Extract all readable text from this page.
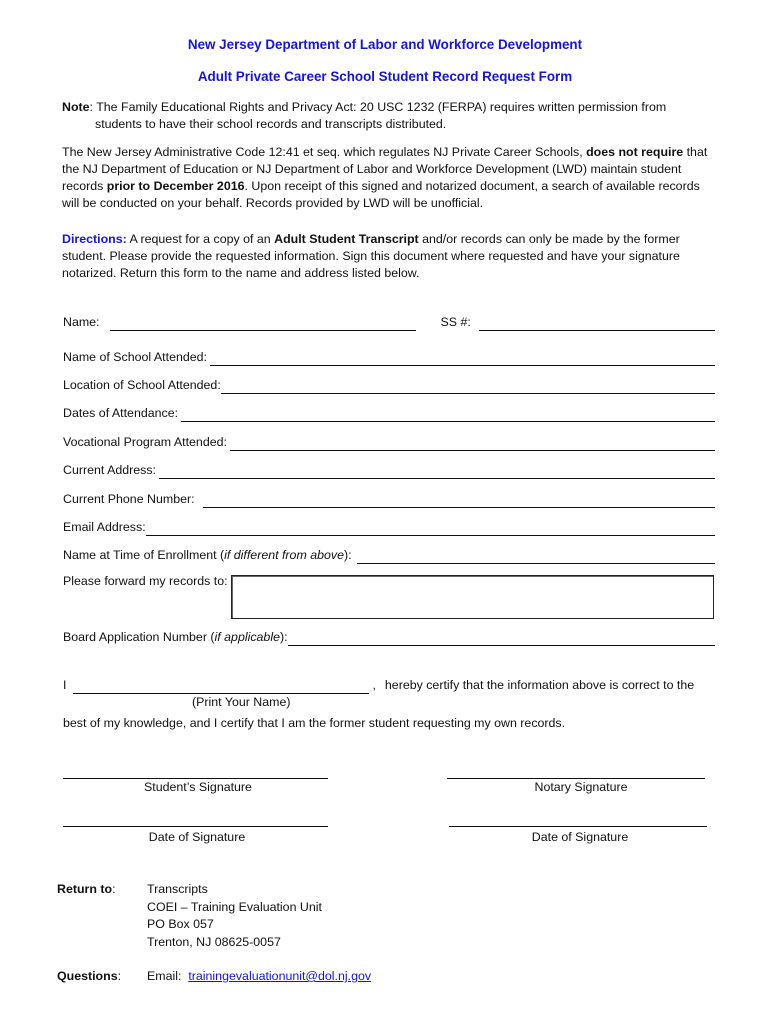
New Jersey Department of Labor and Workforce Development
Adult Private Career School Student Record Request Form
Note: The Family Educational Rights and Privacy Act: 20 USC 1232 (FERPA) requires written permission from
students to have their school records and transcripts distributed.
The New Jersey Administrative Code 12:41 et seq. which regulates NJ Private Career Schools, does not require that the NJ Department of Education or NJ Department of Labor and Workforce Development (LWD) maintain student records prior to December 2016. Upon receipt of this signed and notarized document, a search of available records will be conducted on your behalf. Records provided by LWD will be unofficial.
Directions: A request for a copy of an Adult Student Transcript and/or records can only be made by the former student. Please provide the requested information. Sign this document where requested and have your signature notarized. Return this form to the name and address listed below.
Name:	SS #:
Name of School Attended:
Location of School Attended:
Dates of Attendance:
Vocational Program Attended:
Current Address:
Current Phone Number:
Email Address:
Name at Time of Enrollment (if different from above):
Please forward my records to:
Board Application Number (if applicable):
I	, hereby certify that the information above is correct to the
(Print Your Name)
best of my knowledge, and I certify that I am the former student requesting my own records.
Student’s Signature	Notary Signature
Date of Signature	Date of Signature
Return to:	Transcripts
COEI – Training Evaluation Unit
PO Box 057
Trenton, NJ 08625-0057
Questions: Email: trainingevaluationunit@dol.nj.gov
